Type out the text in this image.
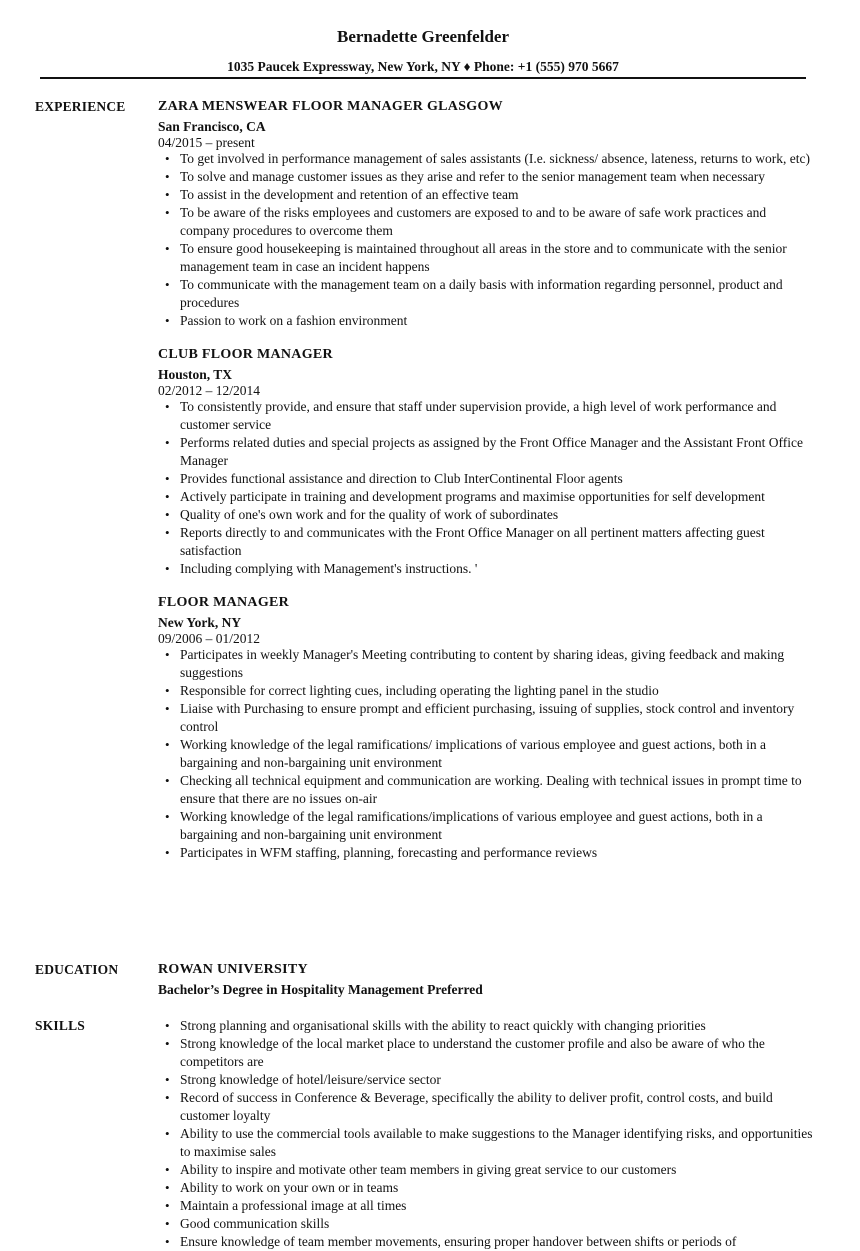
Bernadette Greenfelder
1035 Paucek Expressway, New York, NY ♦ Phone: +1 (555) 970 5667
EXPERIENCE ZARA MENSWEAR FLOOR MANAGER GLASGOW
San Francisco, CA
04/2015 – present
• To get involved in performance management of sales assistants (I.e. sickness/ absence, lateness, returns to work, etc)
• To solve and manage customer issues as they arise and refer to the senior management team when necessary
• To assist in the development and retention of an effective team
• To be aware of the risks employees and customers are exposed to and to be aware of safe work practices and company procedures to overcome them
• To ensure good housekeeping is maintained throughout all areas in the store and to communicate with the senior management team in case an incident happens
• To communicate with the management team on a daily basis with information regarding personnel, product and procedures
• Passion to work on a fashion environment
CLUB FLOOR MANAGER
Houston, TX
02/2012 – 12/2014
• To consistently provide, and ensure that staff under supervision provide, a high level of work performance and customer service
• Performs related duties and special projects as assigned by the Front Office Manager and the Assistant Front Office Manager
• Provides functional assistance and direction to Club InterContinental Floor agents
• Actively participate in training and development programs and maximise opportunities for self development
• Quality of one's own work and for the quality of work of subordinates
• Reports directly to and communicates with the Front Office Manager on all pertinent matters affecting guest satisfaction
• Including complying with Management's instructions. '
FLOOR MANAGER
New York, NY
09/2006 – 01/2012
• Participates in weekly Manager's Meeting contributing to content by sharing ideas, giving feedback and making suggestions
• Responsible for correct lighting cues, including operating the lighting panel in the studio
• Liaise with Purchasing to ensure prompt and efficient purchasing, issuing of supplies, stock control and inventory control
• Working knowledge of the legal ramifications/ implications of various employee and guest actions, both in a bargaining and non-bargaining unit environment
• Checking all technical equipment and communication are working. Dealing with technical issues in prompt time to ensure that there are no issues on-air
• Working knowledge of the legal ramifications/implications of various employee and guest actions, both in a bargaining and non-bargaining unit environment
• Participates in WFM staffing, planning, forecasting and performance reviews
EDUCATION	ROWAN UNIVERSITY
Bachelor’s Degree in Hospitality Management Preferred
SKILLS
•	Strong planning and organisational skills with the ability to react quickly with changing priorities
• Strong knowledge of the local market place to understand the customer profile and also be aware of who the competitors are
• Strong knowledge of hotel/leisure/service sector
• Record of success in Conference & Beverage, specifically the ability to deliver profit, control costs, and build customer loyalty
• Ability to use the commercial tools available to make suggestions to the Manager identifying risks, and opportunities to maximise sales
• Ability to inspire and motivate other team members in giving great service to our customers
• Ability to work on your own or in teams
• Maintain a professional image at all times
• Good communication skills
• Ensure knowledge of team member movements, ensuring proper handover between shifts or periods of
